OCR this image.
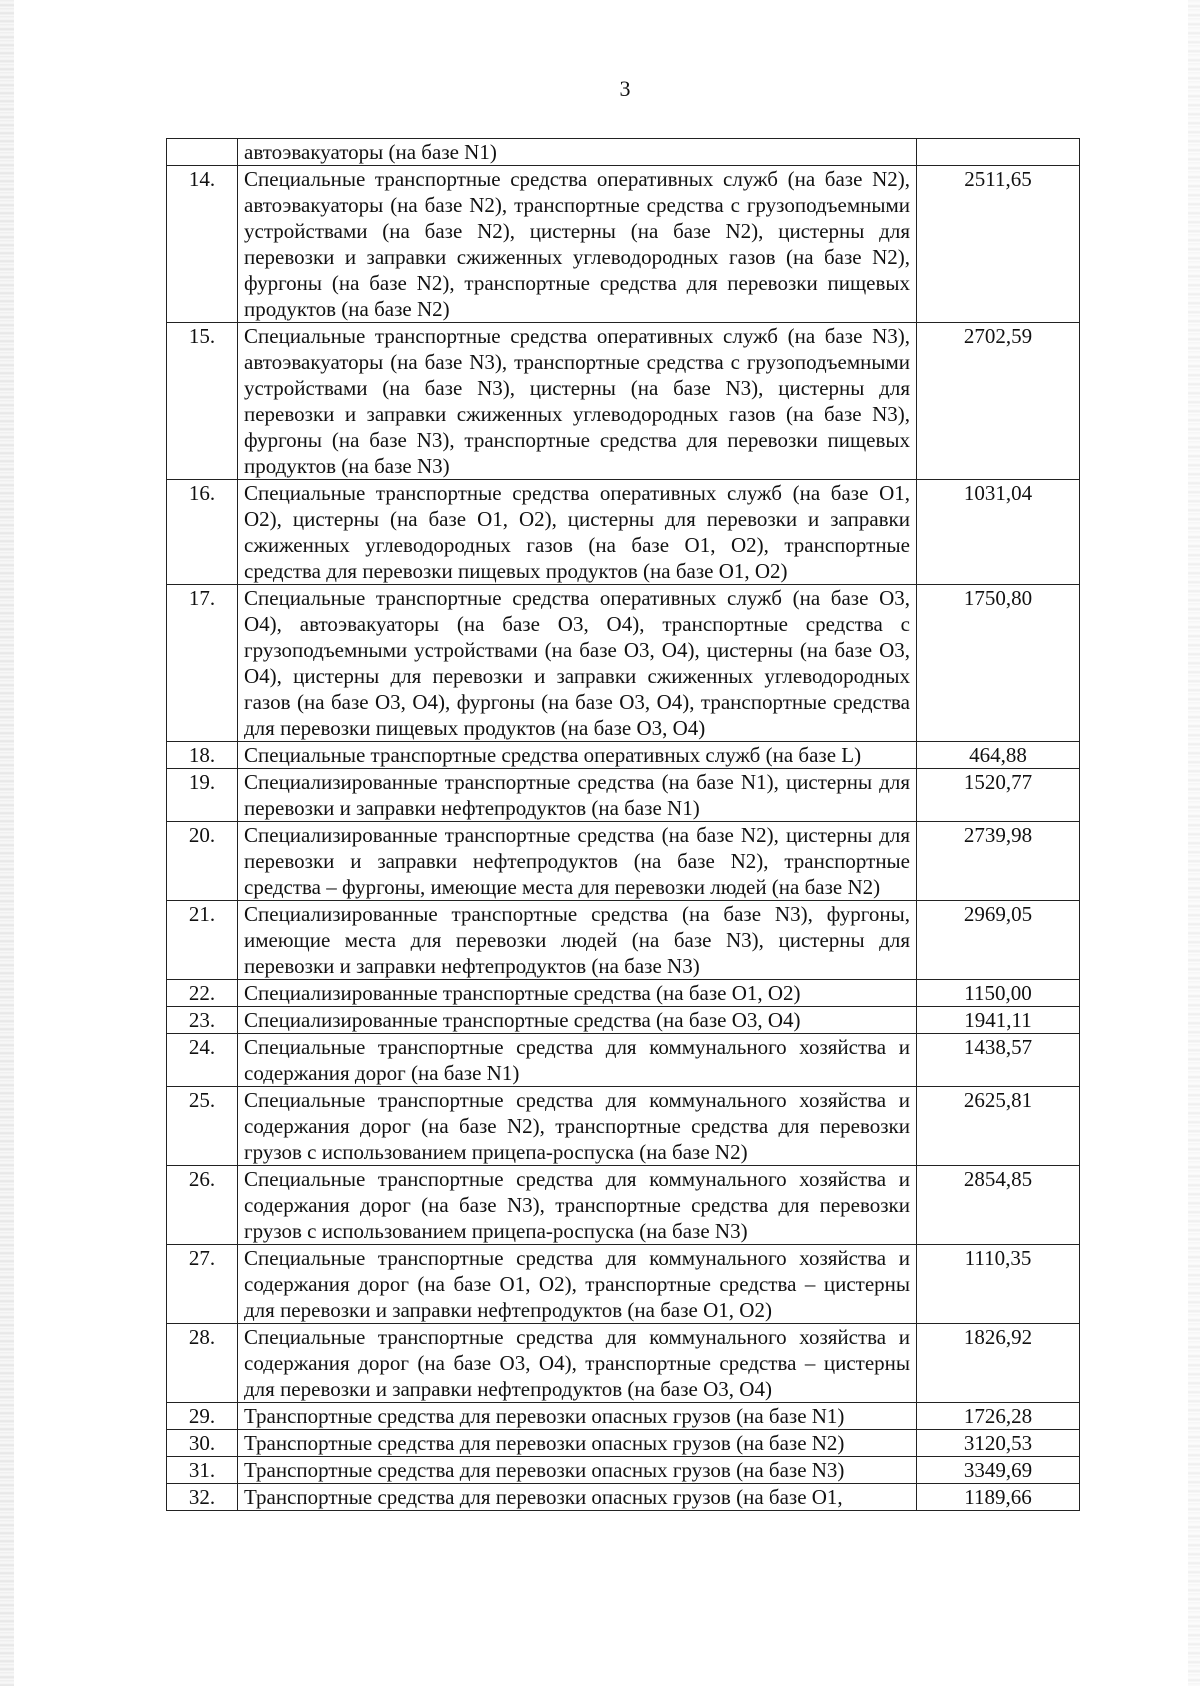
3
	автоэвакуаторы (на базе N1)	
14.	Специальные транспортные средства оперативных служб (на базе N2), автоэвакуаторы (на базе N2), транспортные средства с грузоподъемными устройствами (на базе N2), цистерны (на базе N2), цистерны для перевозки и заправки сжиженных углеводородных газов (на базе N2), фургоны (на базе N2), транспортные средства для перевозки пищевых продуктов (на базе N2)	2511,65
15.	Специальные транспортные средства оперативных служб (на базе N3), автоэвакуаторы (на базе N3), транспортные средства с грузоподъемными устройствами (на базе N3), цистерны (на базе N3), цистерны для перевозки и заправки сжиженных углеводородных газов (на базе N3), фургоны (на базе N3), транспортные средства для перевозки пищевых продуктов (на базе N3)	2702,59
16.	Специальные транспортные средства оперативных служб (на базе O1, O2), цистерны (на базе O1, O2), цистерны для перевозки и заправки сжиженных углеводородных газов (на базе O1, O2), транспортные средства для перевозки пищевых продуктов (на базе O1, O2)	1031,04
17.	Специальные транспортные средства оперативных служб (на базе O3, O4), автоэвакуаторы (на базе O3, O4), транспортные средства с грузоподъемными устройствами (на базе O3, O4), цистерны (на базе O3, O4), цистерны для перевозки и заправки сжиженных углеводородных газов (на базе O3, O4), фургоны (на базе O3, O4), транспортные средства для перевозки пищевых продуктов (на базе O3, O4)	1750,80
18.	Специальные транспортные средства оперативных служб (на базе L)	464,88
19.	Специализированные транспортные средства (на базе N1), цистерны для перевозки и заправки нефтепродуктов (на базе N1)	1520,77
20.	Специализированные транспортные средства (на базе N2), цистерны для перевозки и заправки нефтепродуктов (на базе N2), транспортные средства – фургоны, имеющие места для перевозки людей (на базе N2)	2739,98
21.	Специализированные транспортные средства (на базе N3), фургоны, имеющие места для перевозки людей (на базе N3), цистерны для перевозки и заправки нефтепродуктов (на базе N3)	2969,05
22.	Специализированные транспортные средства (на базе O1, O2)	1150,00
23.	Специализированные транспортные средства (на базе O3, O4)	1941,11
24.	Специальные транспортные средства для коммунального хозяйства и содержания дорог (на базе N1)	1438,57
25.	Специальные транспортные средства для коммунального хозяйства и содержания дорог (на базе N2), транспортные средства для перевозки грузов с использованием прицепа-роспуска (на базе N2)	2625,81
26.	Специальные транспортные средства для коммунального хозяйства и содержания дорог (на базе N3), транспортные средства для перевозки грузов с использованием прицепа-роспуска (на базе N3)	2854,85
27.	Специальные транспортные средства для коммунального хозяйства и содержания дорог (на базе O1, O2), транспортные средства – цистерны для перевозки и заправки нефтепродуктов (на базе O1, O2)	1110,35
28.	Специальные транспортные средства для коммунального хозяйства и содержания дорог (на базе O3, O4), транспортные средства – цистерны для перевозки и заправки нефтепродуктов (на базе O3, O4)	1826,92
29.	Транспортные средства для перевозки опасных грузов (на базе N1)	1726,28
30.	Транспортные средства для перевозки опасных грузов (на базе N2)	3120,53
31.	Транспортные средства для перевозки опасных грузов (на базе N3)	3349,69
32.	Транспортные средства для перевозки опасных грузов (на базе O1,	1189,66
